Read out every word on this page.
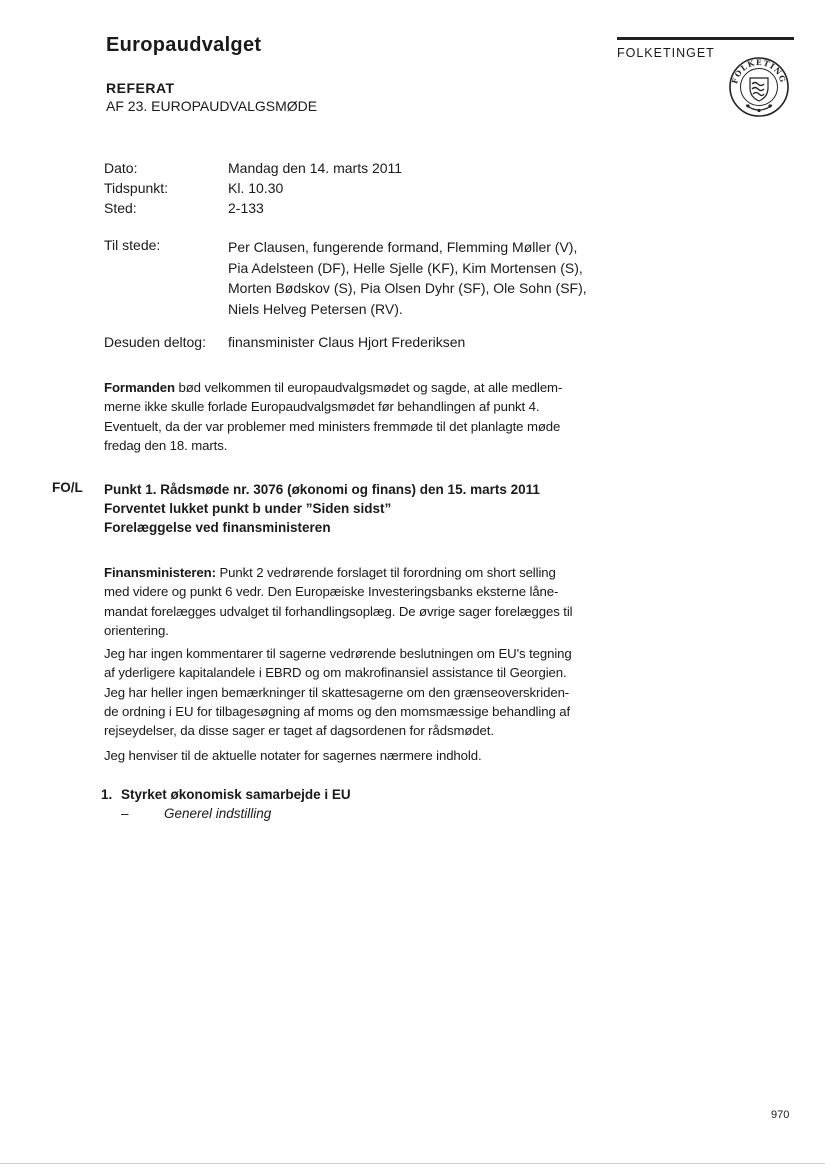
Europaudvalget	FOLKETINGET
FOLKETING
REFERAT
AF 23. EUROPAUDVALGSMØDE
Dato:	Mandag den 14. marts 2011
Tidspunkt:	Kl. 10.30
Sted:	2-133
Til stede:	Per Clausen, fungerende formand, Flemming Møller (V),
Pia Adelsteen (DF), Helle Sjelle (KF), Kim Mortensen (S),
Morten Bødskov (S), Pia Olsen Dyhr (SF), Ole Sohn (SF),
Niels Helveg Petersen (RV).
Desuden deltog: finansminister Claus Hjort Frederiksen
Formanden bød velkommen til europaudvalgsmødet og sagde, at alle medlem-
merne ikke skulle forlade Europaudvalgsmødet før behandlingen af punkt 4.
Eventuelt, da der var problemer med ministers fremmøde til det planlagte møde
fredag den 18. marts.
FO/L Punkt 1. Rådsmøde nr. 3076 (økonomi og finans) den 15. marts 2011
Forventet lukket punkt b under ”Siden sidst”
Forelæggelse ved finansministeren
Finansministeren: Punkt 2 vedrørende forslaget til forordning om short selling
med videre og punkt 6 vedr. Den Europæiske Investeringsbanks eksterne låne-
mandat forelægges udvalget til forhandlingsoplæg. De øvrige sager forelægges til
orientering.
Jeg har ingen kommentarer til sagerne vedrørende beslutningen om EU's tegning
af yderligere kapitalandele i EBRD og om makrofinansiel assistance til Georgien.
Jeg har heller ingen bemærkninger til skattesagerne om den grænseoverskriden-
de ordning i EU for tilbagesøgning af moms og den momsmæssige behandling af
rejseydelser, da disse sager er taget af dagsordenen for rådsmødet.
Jeg henviser til de aktuelle notater for sagernes nærmere indhold.
1. Styrket økonomisk samarbejde i EU
–	Generel indstilling
970
